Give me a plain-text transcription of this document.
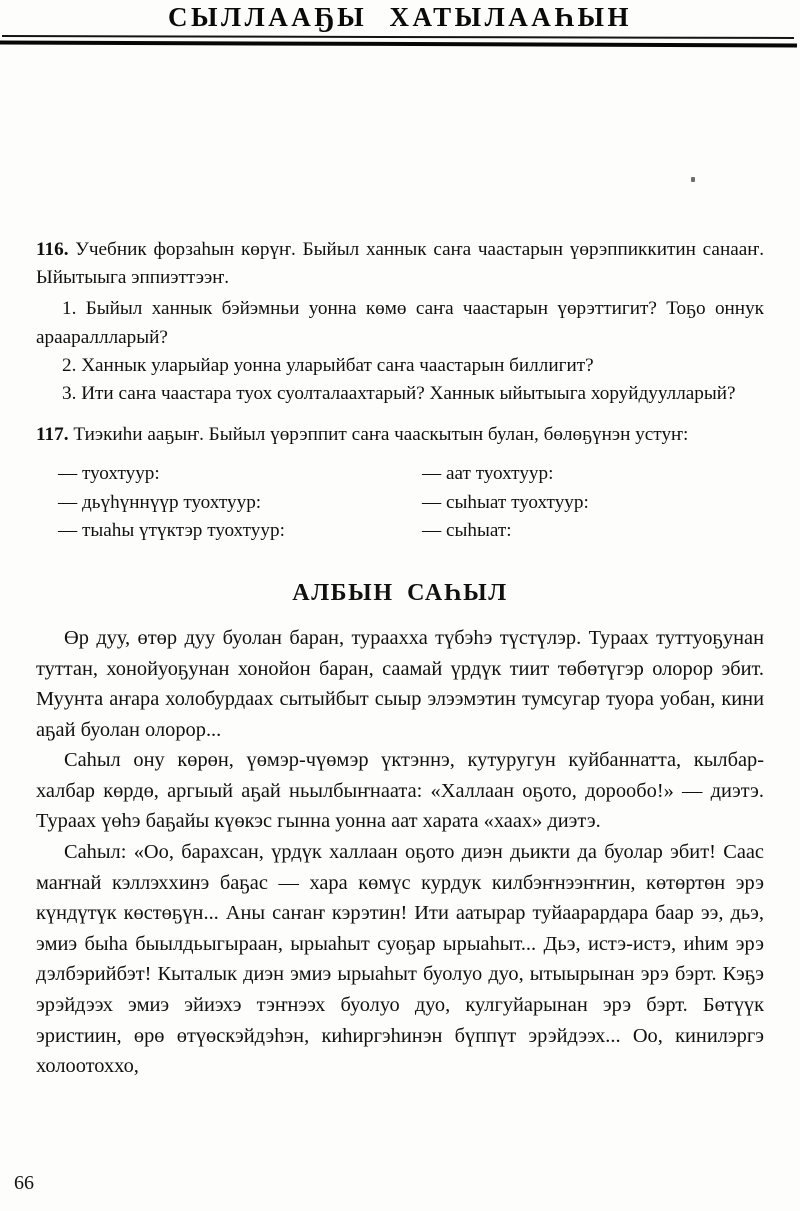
СЫЛЛААҔЫ ХАТЫЛААҺЫН

116. Учебник форзаһын көрүҥ. Быйыл ханнык саҥа чаастарын үөрэппиккитин санааҥ. Ыйытыыга эппиэттээҥ.

1. Быйыл ханнык бэйэмньи уонна көмө саҥа чаастарын үөрэттигит? Тоҕо оннук араараллларый?

2. Ханнык уларыйар уонна уларыйбат саҥа чаастарын биллигит?

3. Ити саҥа чаастара туох суолталаахтарый? Ханнык ыйытыыга хоруйдуулларый?

117. Тиэкиһи ааҕыҥ. Быйыл үөрэппит саҥа чааскытын булан, бөлөҕүнэн устуҥ:

— туохтуур:
— дьүһүннүүр туохтуур:
— тыаһы үтүктэр туохтуур:
— аат туохтуур:
— сыһыат туохтуур:
— сыһыат:
АЛБЫН САҺЫЛ

Өр дуу, өтөр дуу буолан баран, тураахха түбэһэ түстүлэр. Тураах туттуоҕунан туттан, хонойуоҕунан хонойон баран, саамай үрдүк тиит төбөтүгэр олорор эбит. Муунта аҥара холобурдаах сытыйбыт сыыр элээмэтин тумсугар туора уобан, кини аҕай буолан олорор...

Саһыл ону көрөн, үөмэр-чүөмэр үктэннэ, кутуругун куйбаннатта, кылбар-халбар көрдө, аргыый аҕай ньылбыҥнаата: «Халлаан оҕото, дорообо!» — диэтэ. Тураах үөһэ баҕайы күөкэс гынна уонна аат харата «хаах» диэтэ.

Саһыл: «Оо, барахсан, үрдүк халлаан оҕото диэн дьикти да буолар эбит! Саас маҥнай кэллэххинэ баҕас — хара көмүс курдук килбэҥнээҥҥин, көтөртөн эрэ күндүтүк көстөҕүн... Аны саҥаҥ кэрэтин! Ити аатырар туйаарардара баар ээ, дьэ, эмиэ быһа быылдьыгыраан, ырыаһыт суоҕар ырыаһыт... Дьэ, истэ-истэ, иһим эрэ дэлбэрийбэт! Кыталык диэн эмиэ ырыаһыт буолуо дуо, ытыырынан эрэ бэрт. Кэҕэ эрэйдээх эмиэ эйиэхэ тэҥнээх буолуо дуо, кулгуйарынан эрэ бэрт. Бөтүүк эристиин, өрө өтүөскэйдэһэн, киһиргэһинэн бүппүт эрэйдээх... Оо, кинилэргэ холоотоххо,

66
